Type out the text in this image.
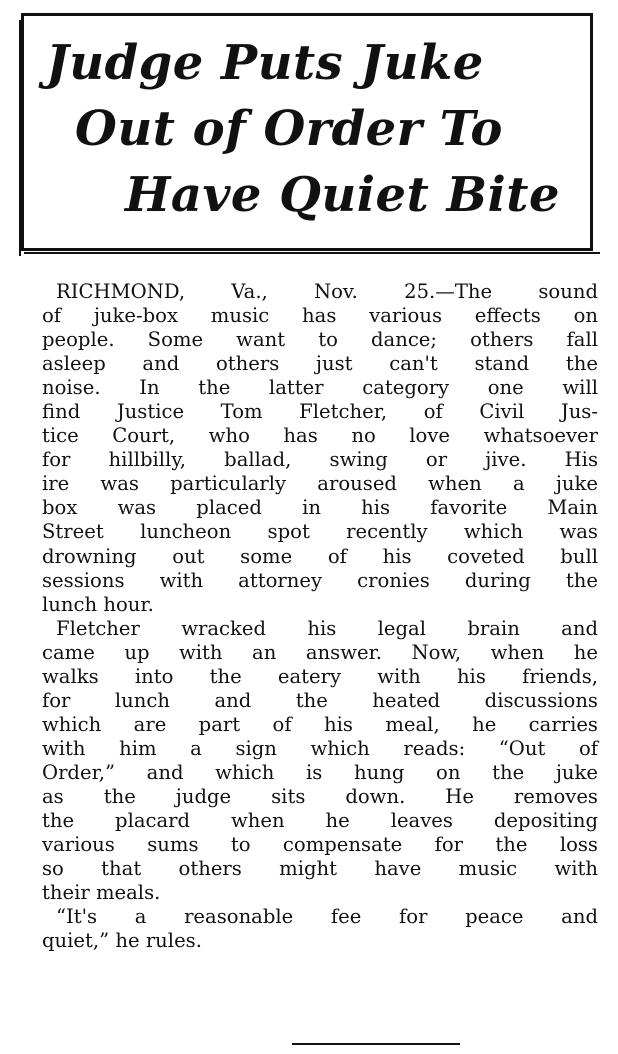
Judge Puts Juke
Out of Order To
Have Quiet Bite

RICHMOND, Va., Nov. 25.—The sound
of juke-box music has various effects on
people. Some want to dance; others fall
asleep and others just can't stand the
noise. In the latter category one will
find Justice Tom Fletcher, of Civil Jus-
tice Court, who has no love whatsoever
for hillbilly, ballad, swing or jive. His
ire was particularly aroused when a juke
box was placed in his favorite Main
Street luncheon spot recently which was
drowning out some of his coveted bull
sessions with attorney cronies during the
lunch hour.

Fletcher wracked his legal brain and
came up with an answer. Now, when he
walks into the eatery with his friends,
for lunch and the heated discussions
which are part of his meal, he carries
with him a sign which reads: “Out of
Order,” and which is hung on the juke
as the judge sits down. He removes
the placard when he leaves depositing
various sums to compensate for the loss
so that others might have music with
their meals.

“It's a reasonable fee for peace and
quiet,” he rules.
